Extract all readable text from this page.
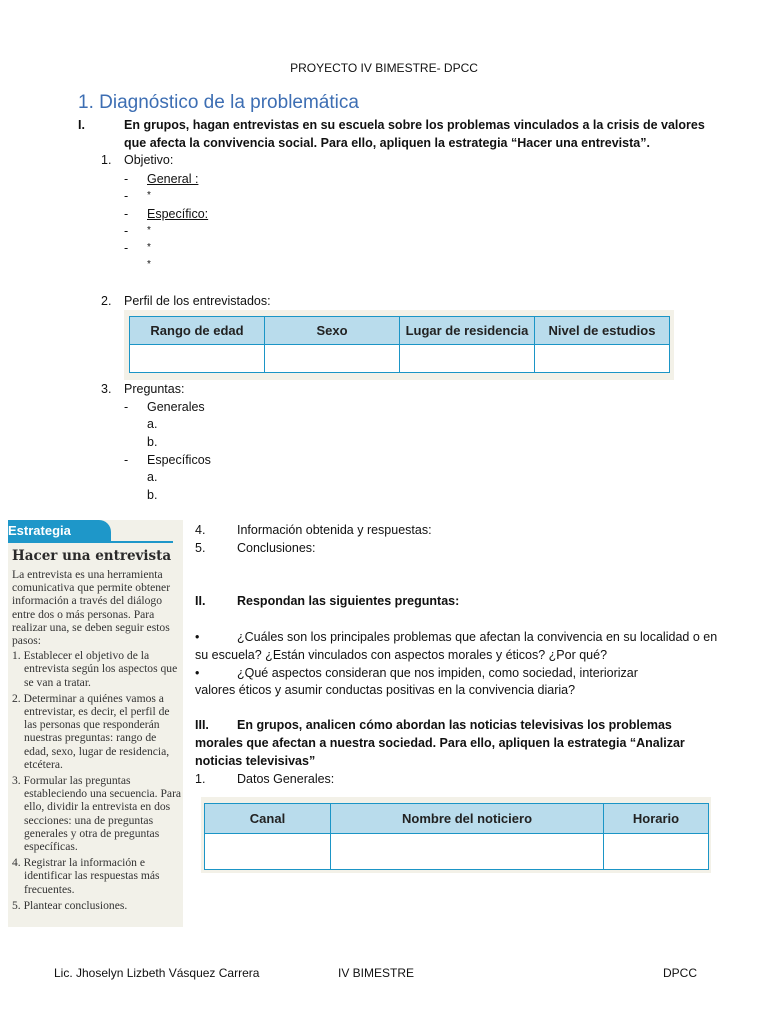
PROYECTO IV BIMESTRE- DPCC
1. Diagnóstico de la problemática
I.	En grupos, hagan entrevistas en su escuela sobre los problemas vinculados a la crisis de valores
que afecta la convivencia social. Para ello, apliquen la estrategia “Hacer una entrevista”.
1. Objetivo:
- General :
- *
- Específico:
- *
- *
*
2. Perfil de los entrevistados:
Rango de edad	Sexo	Lugar de residencia	Nivel de estudios

3. Preguntas:
- Generales
a.
b.
- Específicos
a.
b.
Estrategia
Hacer una entrevista

La entrevista es una herramienta comunicativa que permite obtener información a través del diálogo entre dos o más personas. Para realizar una, se deben seguir estos pasos:

1. Establecer el objetivo de la entrevista según los aspectos que se van a tratar.
2. Determinar a quiénes vamos a entrevistar, es decir, el perfil de las personas que responderán nuestras preguntas: rango de edad, sexo, lugar de residencia, etcétera.
3. Formular las preguntas estableciendo una secuencia. Para ello, dividir la entrevista en dos secciones: una de preguntas generales y otra de preguntas específicas.
4. Registrar la información e identificar las respuestas más frecuentes.
5. Plantear conclusiones.
4.	Información obtenida y respuestas:
5.	Conclusiones:
II.	Respondan las siguientes preguntas:
•	¿Cuáles son los principales problemas que afectan la convivencia en su localidad o en
su escuela? ¿Están vinculados con aspectos morales y éticos? ¿Por qué?
•	¿Qué aspectos consideran que nos impiden, como sociedad, interiorizar
valores éticos y asumir conductas positivas en la convivencia diaria?
III. En grupos, analicen cómo abordan las noticias televisivas los problemas
morales que afectan a nuestra sociedad. Para ello, apliquen la estrategia “Analizar
noticias televisivas”
1.	Datos Generales:
Canal	Nombre del noticiero	Horario

Lic. Jhoselyn Lizbeth Vásquez Carrera	IV BIMESTRE	DPCC
